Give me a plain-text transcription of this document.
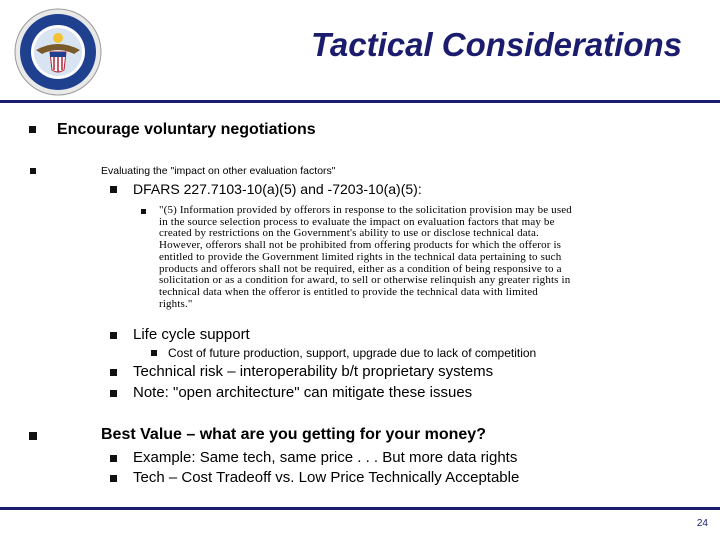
Tactical Considerations
Encourage voluntary negotiations
Evaluating the "impact on other evaluation factors"
DFARS 227.7103-10(a)(5) and -7203-10(a)(5):
"(5) Information provided by offerors in response to the solicitation provision may be used
in the source selection process to evaluate the impact on evaluation factors that may be
created by restrictions on the Government's ability to use or disclose technical data.
However, offerors shall not be prohibited from offering products for which the offeror is
entitled to provide the Government limited rights in the technical data pertaining to such
products and offerors shall not be required, either as a condition of being responsive to a
solicitation or as a condition for award, to sell or otherwise relinquish any greater rights in
technical data when the offeror is entitled to provide the technical data with limited
rights."
Life cycle support
Cost of future production, support, upgrade due to lack of competition
Technical risk – interoperability b/t proprietary systems
Note: "open architecture" can mitigate these issues
Best Value – what are you getting for your money?
Example: Same tech, same price . . . But more data rights
Tech – Cost Tradeoff vs. Low Price Technically Acceptable
24
